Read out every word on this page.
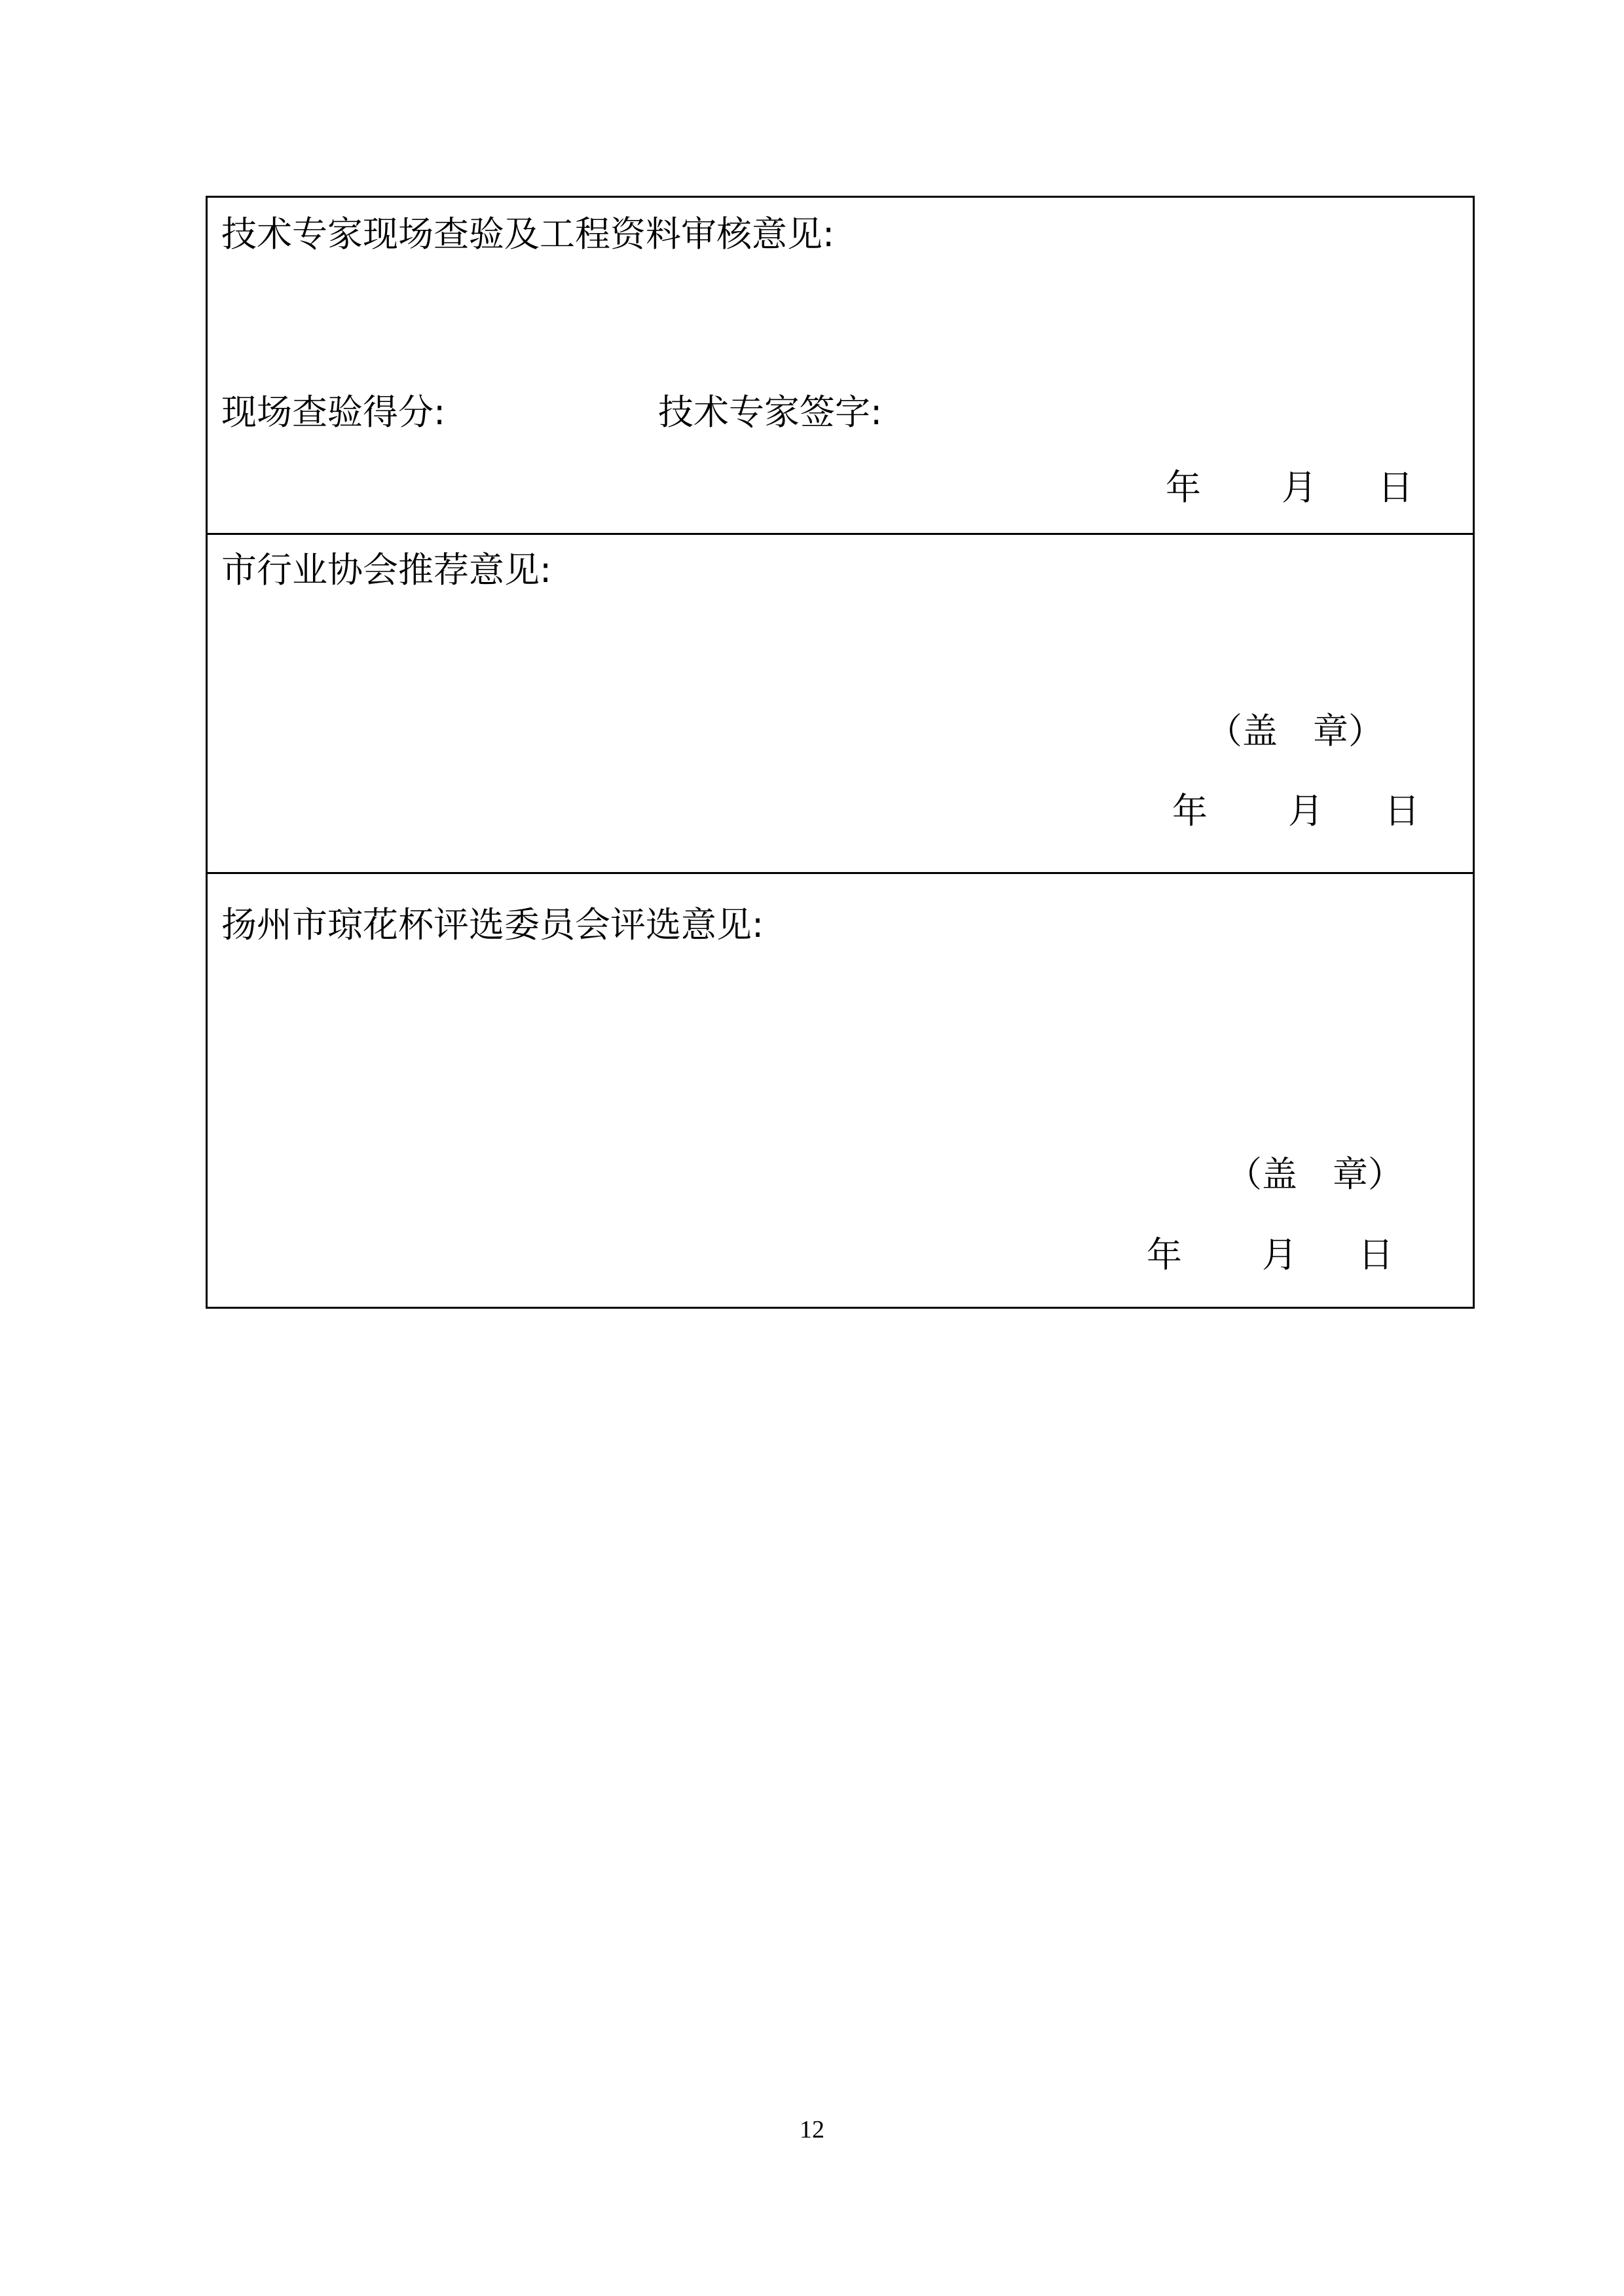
技术专家现场查验及工程资料审核意见:
现场查验得分:	技术专家签字:
年 月 日
市行业协会推荐意见:
（盖　章）
年 月 日
扬州市琼花杯评选委员会评选意见:
（盖　章）
年 月 日
12
